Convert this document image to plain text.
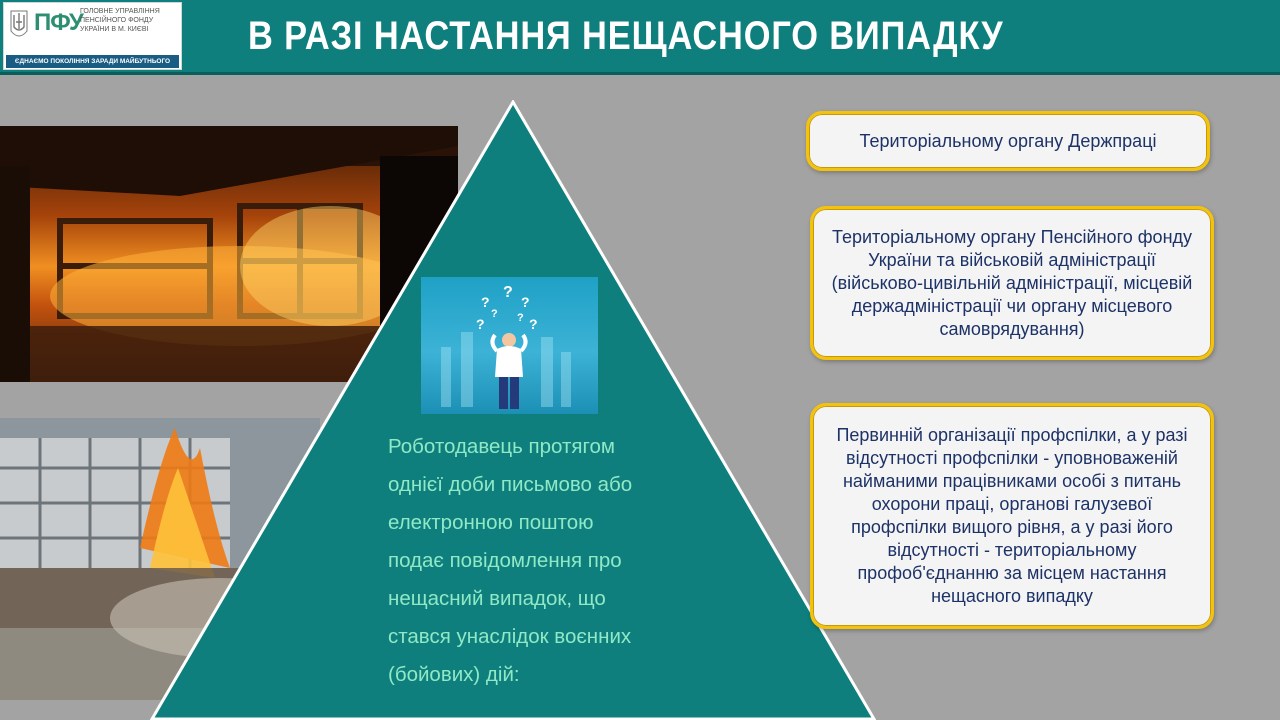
ПФУ
ГОЛОВНЕ УПРАВЛІННЯ ПЕНСІЙНОГО ФОНДУ УКРАЇНИ В М. КИЄВІ
ЄДНАЄМО ПОКОЛІННЯ ЗАРАДИ МАЙБУТНЬОГО
В РАЗІ НАСТАННЯ НЕЩАСНОГО ВИПАДКУ
?
?
?
?	?
? ?

Роботодавець протягом

однієї доби письмово або

електронною поштою

подає повідомлення про

нещасний випадок, що

стався унаслідок воєнних

(бойових) дій:

Територіальному органу Держпраці
Територіальному органу Пенсійного фонду України та військовій адміністрації (військово-цивільній адміністрації, місцевій держадміністрації чи органу місцевого самоврядування)
Первинній організації профспілки, а у разі відсутності профспілки - уповноваженій найманими працівниками особі з питань охорони праці, органові галузевої профспілки вищого рівня, а у разі його відсутності - територіальному профоб'єднанню за місцем настання нещасного випадку
